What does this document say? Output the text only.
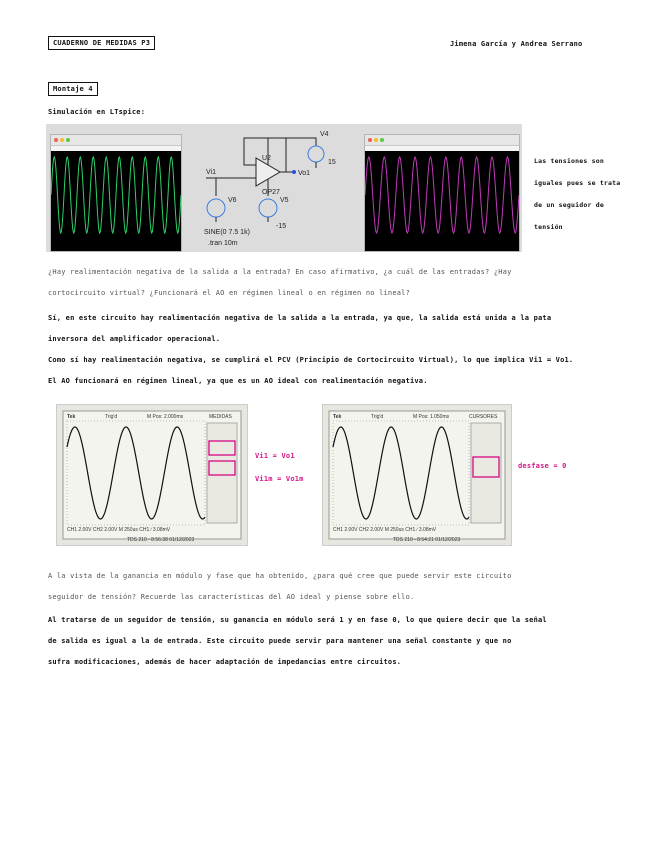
CUADERNO DE MEDIDAS P3	Jimena García y Andrea Serrano
Montaje 4
Simulación en LTspice:
V4
15
U2
OP27
Vi1	Vo1
V6	V5
-15
SINE(0 7.5 1k)
.tran 10m
Las tensiones son
iguales pues se trata
de un seguidor de
tensión
¿Hay realimentación negativa de la salida a la entrada? En caso afirmativo, ¿a cuál de las entradas? ¿Hay
cortocircuito virtual? ¿Funcionará el AO en régimen lineal o en régimen no lineal?
Sí, en este circuito hay realimentación negativa de la salida a la entrada, ya que, la salida está unida a la pata
inversora del amplificador operacional.
Como sí hay realimentación negativa, se cumplirá el PCV (Principio de Cortocircuito Virtual), lo que implica Vi1 = Vo1.
El AO funcionará en régimen lineal, ya que es un AO ideal con realimentación negativa.
Tek	Trig'd	M Pos: 2.000ms	MEDIDAS
CH1 2.00V CH2 2.00V M 250us CH1 ∕ 3.08mV
TDS 210 - 8:56:38 01/12/2023
Vi1 = Vo1
Vi1m = Vo1m
Tek	Trig'd	M Pos: 1.050ms	CURSORES
CH1 2.00V CH2 2.00V M 250us CH1 ∕ 3.08mV
TDS 210 - 8:54:21 01/12/2023
desfase = 0
A la vista de la ganancia en módulo y fase que ha obtenido, ¿para qué cree que puede servir este circuito
seguidor de tensión? Recuerde las características del AO ideal y piense sobre ello.
Al tratarse de un seguidor de tensión, su ganancia en módulo será 1 y en fase 0, lo que quiere decir que la señal
de salida es igual a la de entrada. Este circuito puede servir para mantener una señal constante y que no
sufra modificaciones, además de hacer adaptación de impedancias entre circuitos.
